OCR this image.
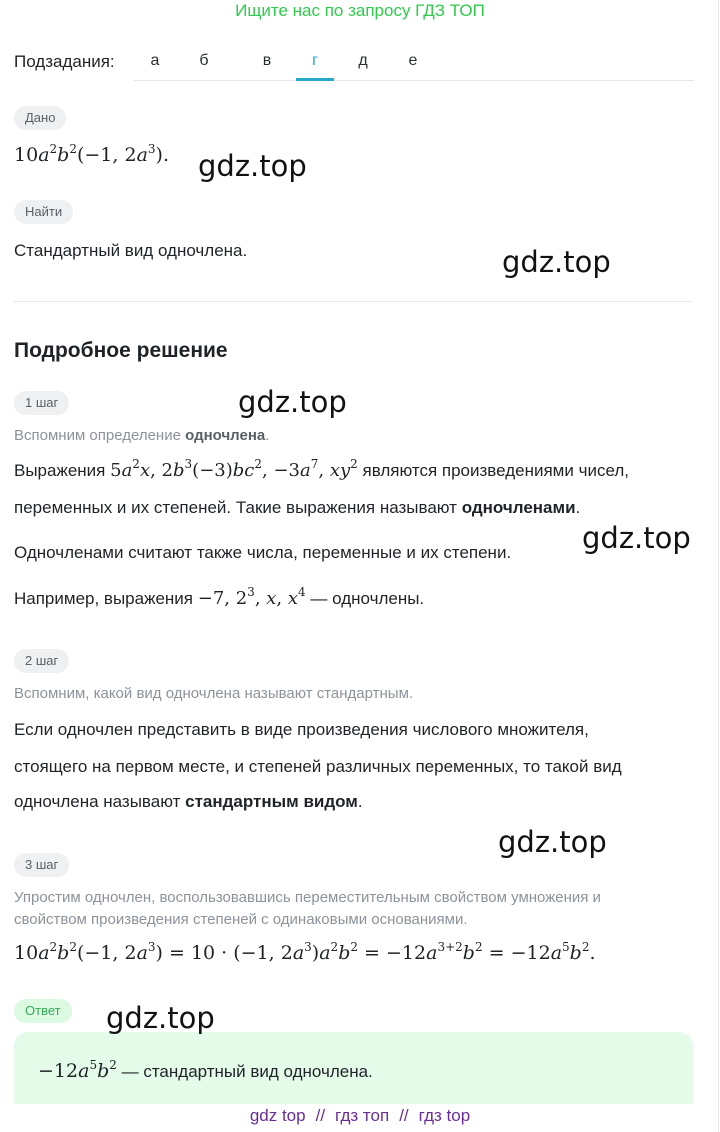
Ищите нас по запросу ГДЗ ТОП
Подзадания:	а	б	в	г	д	е
Дано
$10a^2b^2(-1$, $2a^3$).
Найти
Стандартный вид одночлена.
Подробное решение
1 шаг
Вспомним определение одночлена.
Выражения $5a^2x$, $2b^3(-3)bc^2$, $-3a^7$, $xy^2$ являются произведениями чисел,
переменных и их степеней. Такие выражения называют одночленами.
Одночленами считают также числа, переменные и их степени.
Например, выражения −7, $2^3$, x, $x^4$ — одночлены.
2 шаг
Вспомним, какой вид одночлена называют стандартным.
Если одночлен представить в виде произведения числового множителя,
стоящего на первом месте, и степеней различных переменных, то такой вид
одночлена называют стандартным видом.
3 шаг
Упростим одночлен, воспользовавшись переместительным свойством умножения и
свойством произведения степеней с одинаковыми основаниями.
$10a^2b^2(-1$, $2a^3) = 10 \cdot (-1$, $2a^3)a^2b^2 = -12a^{3+2}b^2 = -12a^5b^2$.
Ответ
$-12a^5b^2$ — стандартный вид одночлена.
gdz.top
gdz.top
gdz.top
gdz.top
gdz.top
gdz.top
gdz top // гдз топ // гдз top
